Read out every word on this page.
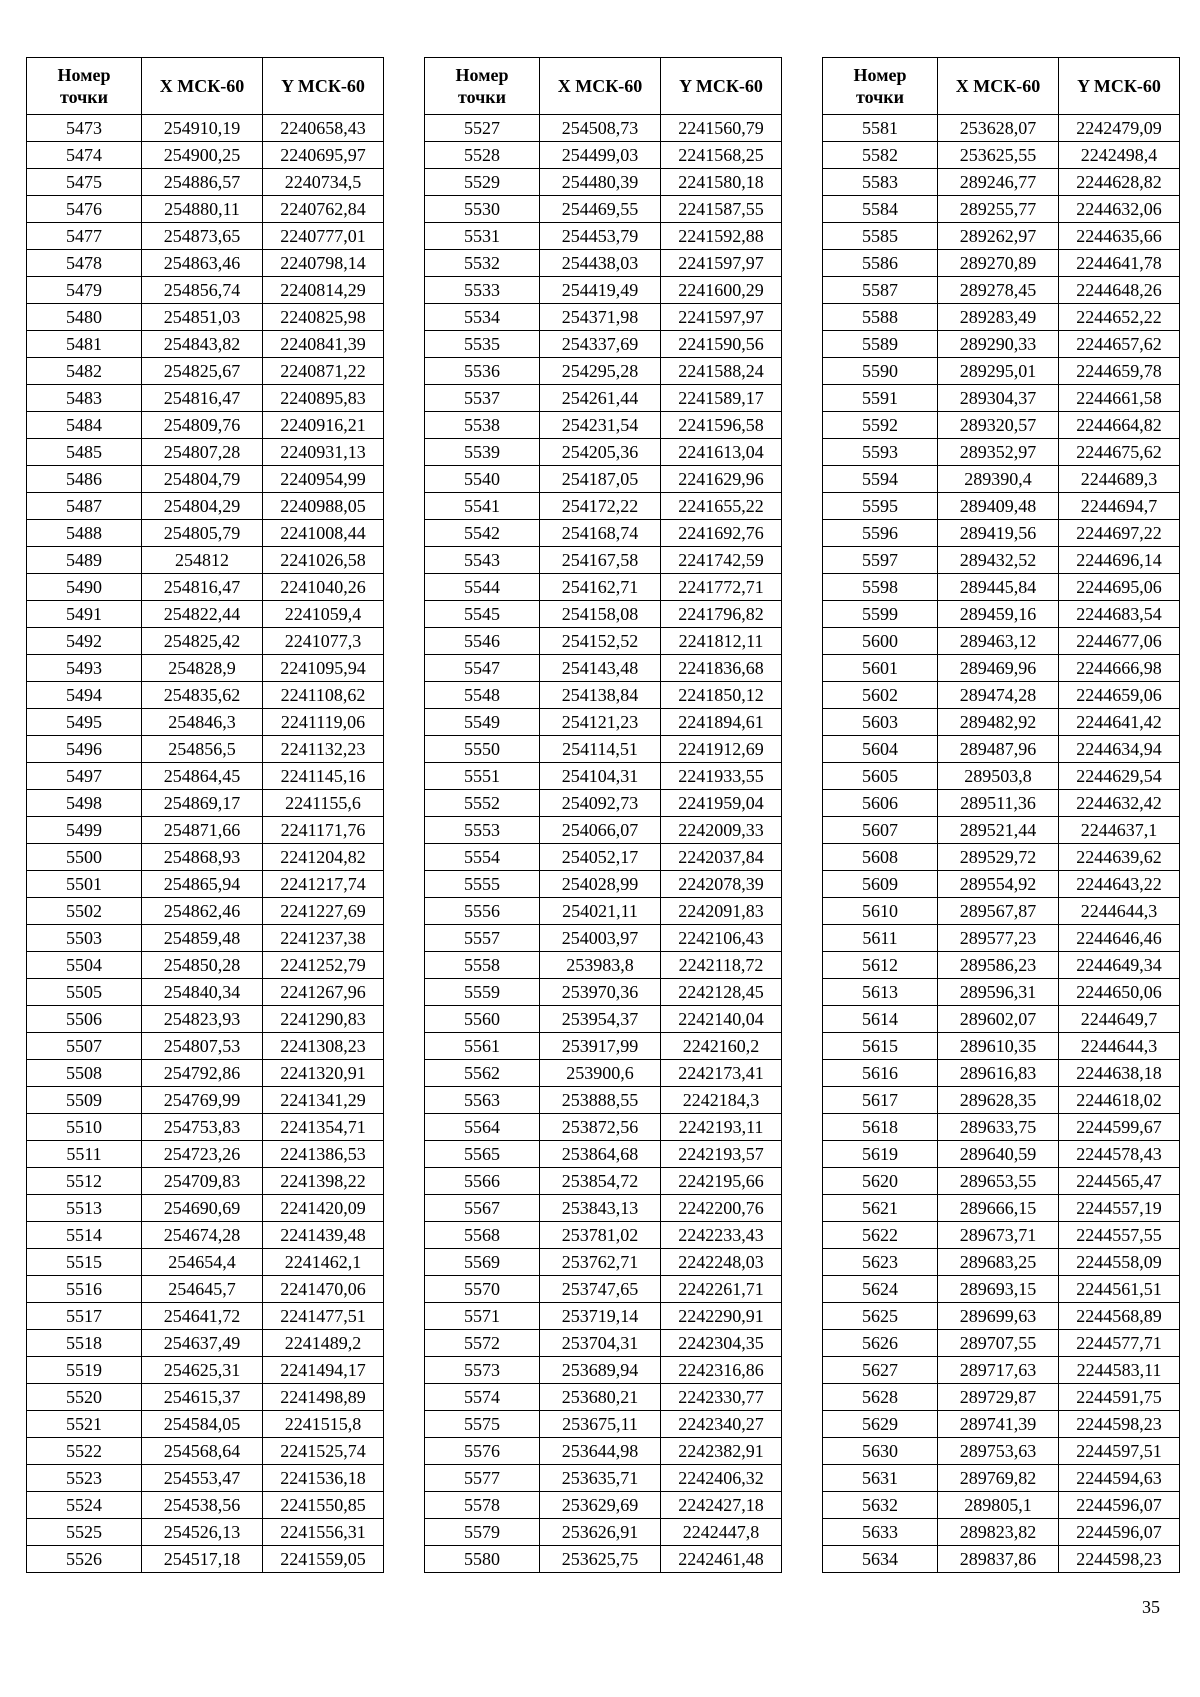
Номер
точки	X МСК-60	Y МСК-60
5473	254910,19	2240658,43
5474	254900,25	2240695,97
5475	254886,57	2240734,5
5476	254880,11	2240762,84
5477	254873,65	2240777,01
5478	254863,46	2240798,14
5479	254856,74	2240814,29
5480	254851,03	2240825,98
5481	254843,82	2240841,39
5482	254825,67	2240871,22
5483	254816,47	2240895,83
5484	254809,76	2240916,21
5485	254807,28	2240931,13
5486	254804,79	2240954,99
5487	254804,29	2240988,05
5488	254805,79	2241008,44
5489	254812	2241026,58
5490	254816,47	2241040,26
5491	254822,44	2241059,4
5492	254825,42	2241077,3
5493	254828,9	2241095,94
5494	254835,62	2241108,62
5495	254846,3	2241119,06
5496	254856,5	2241132,23
5497	254864,45	2241145,16
5498	254869,17	2241155,6
5499	254871,66	2241171,76
5500	254868,93	2241204,82
5501	254865,94	2241217,74
5502	254862,46	2241227,69
5503	254859,48	2241237,38
5504	254850,28	2241252,79
5505	254840,34	2241267,96
5506	254823,93	2241290,83
5507	254807,53	2241308,23
5508	254792,86	2241320,91
5509	254769,99	2241341,29
5510	254753,83	2241354,71
5511	254723,26	2241386,53
5512	254709,83	2241398,22
5513	254690,69	2241420,09
5514	254674,28	2241439,48
5515	254654,4	2241462,1
5516	254645,7	2241470,06
5517	254641,72	2241477,51
5518	254637,49	2241489,2
5519	254625,31	2241494,17
5520	254615,37	2241498,89
5521	254584,05	2241515,8
5522	254568,64	2241525,74
5523	254553,47	2241536,18
5524	254538,56	2241550,85
5525	254526,13	2241556,31
5526	254517,18	2241559,05
Номер
точки	X МСК-60	Y МСК-60
5527	254508,73	2241560,79
5528	254499,03	2241568,25
5529	254480,39	2241580,18
5530	254469,55	2241587,55
5531	254453,79	2241592,88
5532	254438,03	2241597,97
5533	254419,49	2241600,29
5534	254371,98	2241597,97
5535	254337,69	2241590,56
5536	254295,28	2241588,24
5537	254261,44	2241589,17
5538	254231,54	2241596,58
5539	254205,36	2241613,04
5540	254187,05	2241629,96
5541	254172,22	2241655,22
5542	254168,74	2241692,76
5543	254167,58	2241742,59
5544	254162,71	2241772,71
5545	254158,08	2241796,82
5546	254152,52	2241812,11
5547	254143,48	2241836,68
5548	254138,84	2241850,12
5549	254121,23	2241894,61
5550	254114,51	2241912,69
5551	254104,31	2241933,55
5552	254092,73	2241959,04
5553	254066,07	2242009,33
5554	254052,17	2242037,84
5555	254028,99	2242078,39
5556	254021,11	2242091,83
5557	254003,97	2242106,43
5558	253983,8	2242118,72
5559	253970,36	2242128,45
5560	253954,37	2242140,04
5561	253917,99	2242160,2
5562	253900,6	2242173,41
5563	253888,55	2242184,3
5564	253872,56	2242193,11
5565	253864,68	2242193,57
5566	253854,72	2242195,66
5567	253843,13	2242200,76
5568	253781,02	2242233,43
5569	253762,71	2242248,03
5570	253747,65	2242261,71
5571	253719,14	2242290,91
5572	253704,31	2242304,35
5573	253689,94	2242316,86
5574	253680,21	2242330,77
5575	253675,11	2242340,27
5576	253644,98	2242382,91
5577	253635,71	2242406,32
5578	253629,69	2242427,18
5579	253626,91	2242447,8
5580	253625,75	2242461,48
Номер
точки	X МСК-60	Y МСК-60
5581	253628,07	2242479,09
5582	253625,55	2242498,4
5583	289246,77	2244628,82
5584	289255,77	2244632,06
5585	289262,97	2244635,66
5586	289270,89	2244641,78
5587	289278,45	2244648,26
5588	289283,49	2244652,22
5589	289290,33	2244657,62
5590	289295,01	2244659,78
5591	289304,37	2244661,58
5592	289320,57	2244664,82
5593	289352,97	2244675,62
5594	289390,4	2244689,3
5595	289409,48	2244694,7
5596	289419,56	2244697,22
5597	289432,52	2244696,14
5598	289445,84	2244695,06
5599	289459,16	2244683,54
5600	289463,12	2244677,06
5601	289469,96	2244666,98
5602	289474,28	2244659,06
5603	289482,92	2244641,42
5604	289487,96	2244634,94
5605	289503,8	2244629,54
5606	289511,36	2244632,42
5607	289521,44	2244637,1
5608	289529,72	2244639,62
5609	289554,92	2244643,22
5610	289567,87	2244644,3
5611	289577,23	2244646,46
5612	289586,23	2244649,34
5613	289596,31	2244650,06
5614	289602,07	2244649,7
5615	289610,35	2244644,3
5616	289616,83	2244638,18
5617	289628,35	2244618,02
5618	289633,75	2244599,67
5619	289640,59	2244578,43
5620	289653,55	2244565,47
5621	289666,15	2244557,19
5622	289673,71	2244557,55
5623	289683,25	2244558,09
5624	289693,15	2244561,51
5625	289699,63	2244568,89
5626	289707,55	2244577,71
5627	289717,63	2244583,11
5628	289729,87	2244591,75
5629	289741,39	2244598,23
5630	289753,63	2244597,51
5631	289769,82	2244594,63
5632	289805,1	2244596,07
5633	289823,82	2244596,07
5634	289837,86	2244598,23
35
